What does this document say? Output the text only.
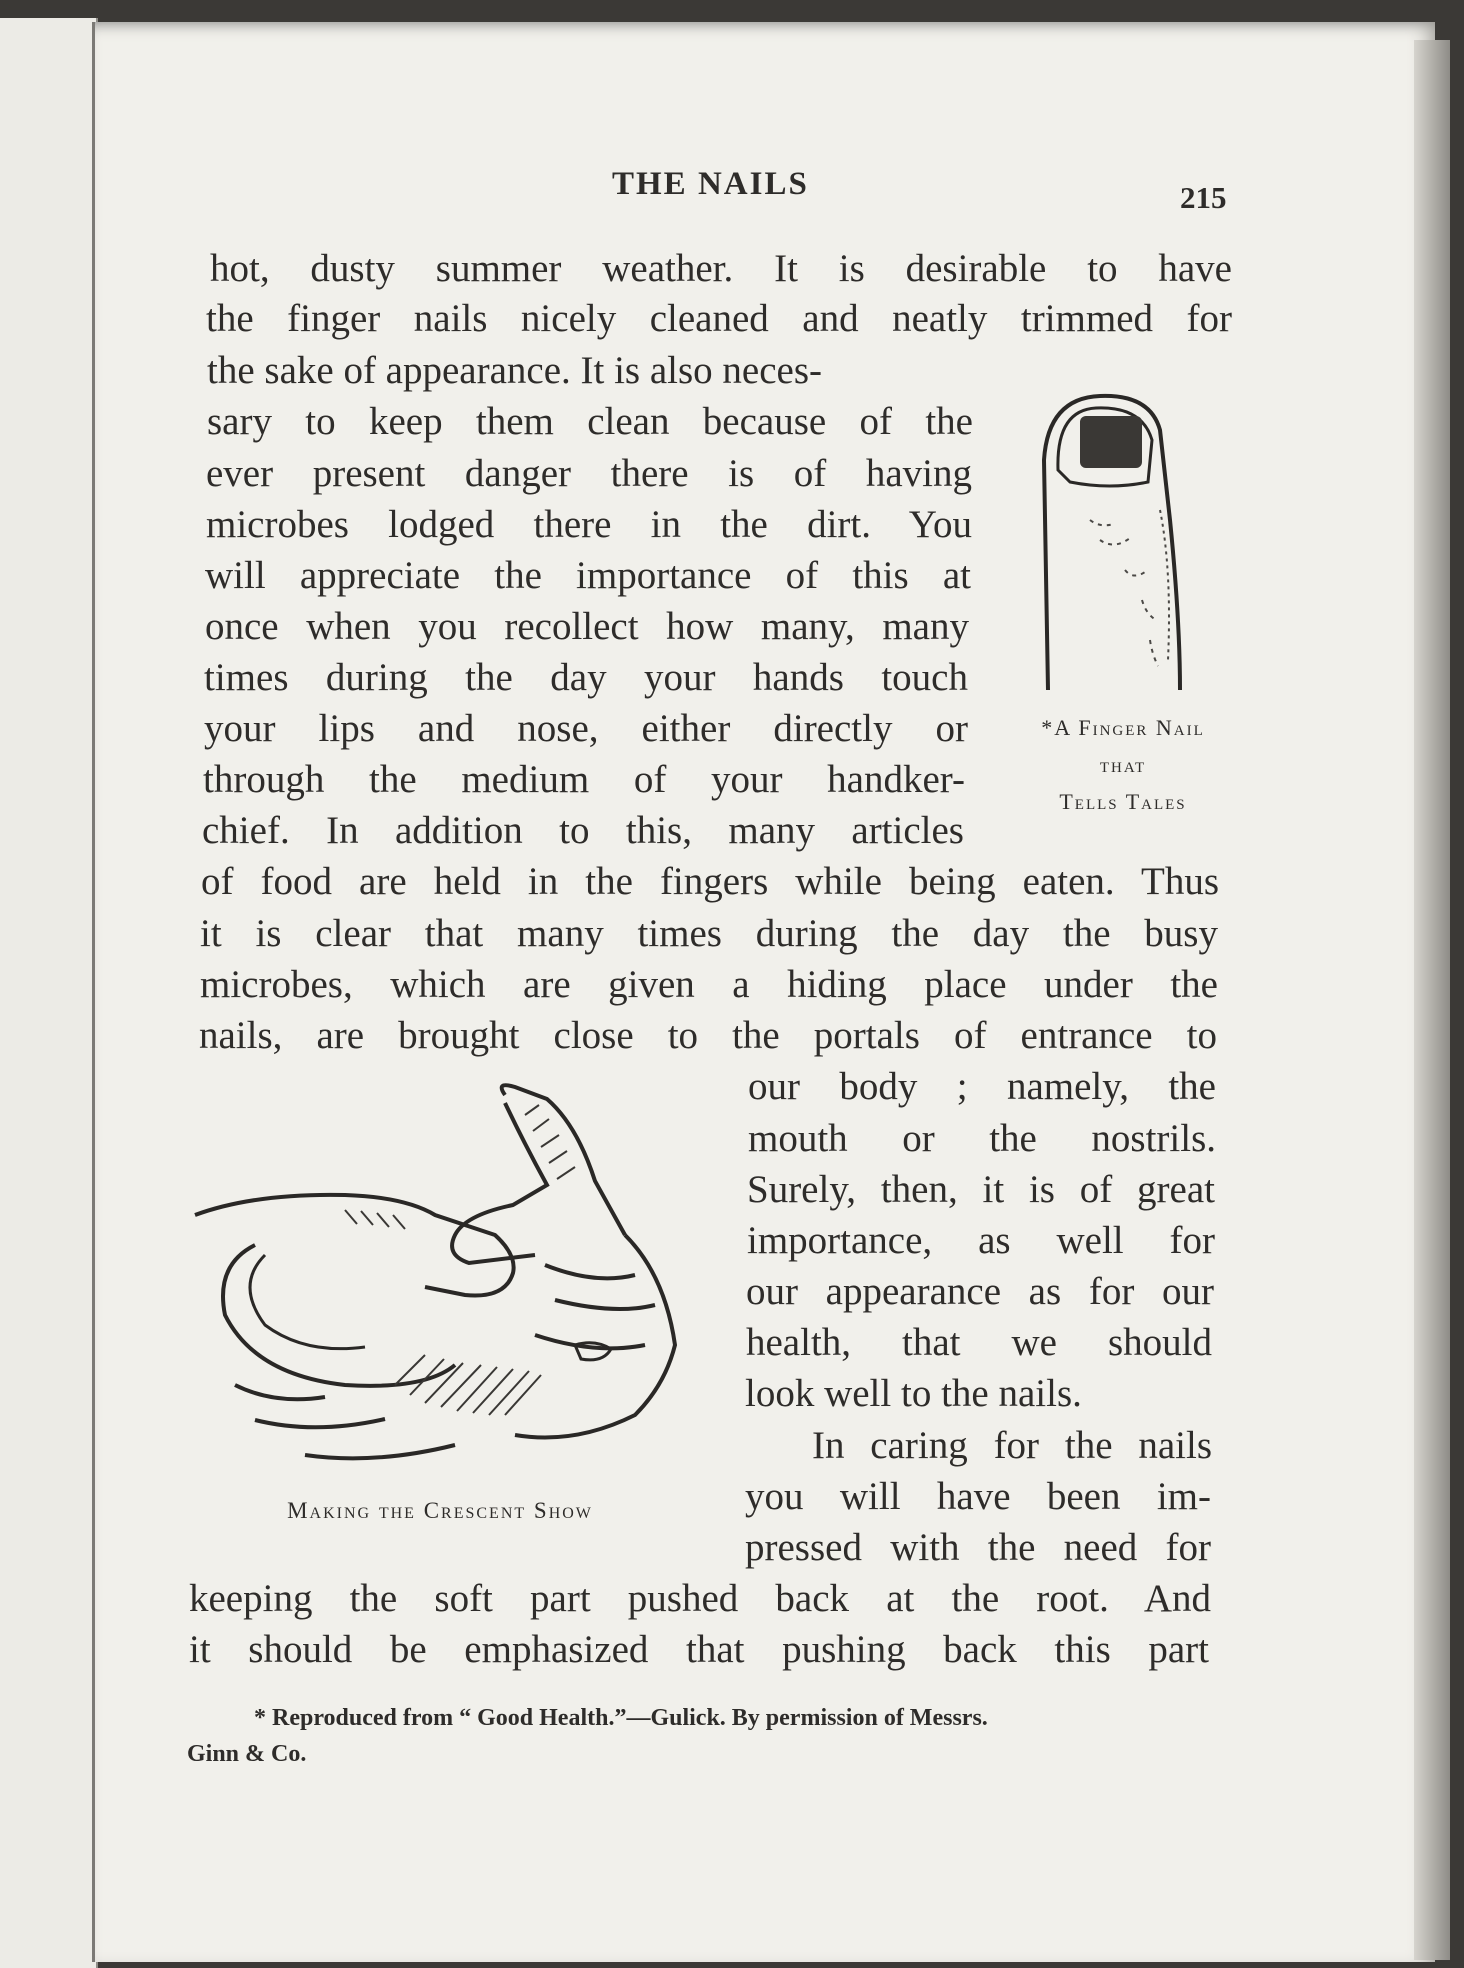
THE NAILS	215
hot, dusty summer weather. It is desirable to have
the finger nails nicely cleaned and neatly trimmed for
the sake of appearance. It is also neces-
sary to keep them clean because of the
ever present danger there is of having
microbes lodged there in the dirt. You
will appreciate the importance of this at
once when you recollect how many, many
times during the day your hands touch
your lips and nose, either directly or
through the medium of your handker-
chief. In addition to this, many articles
of food are held in the fingers while being eaten. Thus
it is clear that many times during the day the busy
microbes, which are given a hiding place under the
nails, are brought close to the portals of entrance to
our body ; namely, the
mouth or the nostrils.
Surely, then, it is of great
importance, as well for
our appearance as for our
health, that we should
look well to the nails.
In caring for the nails
you will have been im-
pressed with the need for
keeping the soft part pushed back at the root. And
it should be emphasized that pushing back this part
*A Finger Nail
that
Tells Tales
Making the Crescent Show
* Reproduced from “ Good Health.”—Gulick. By permission of Messrs.
Ginn & Co.
